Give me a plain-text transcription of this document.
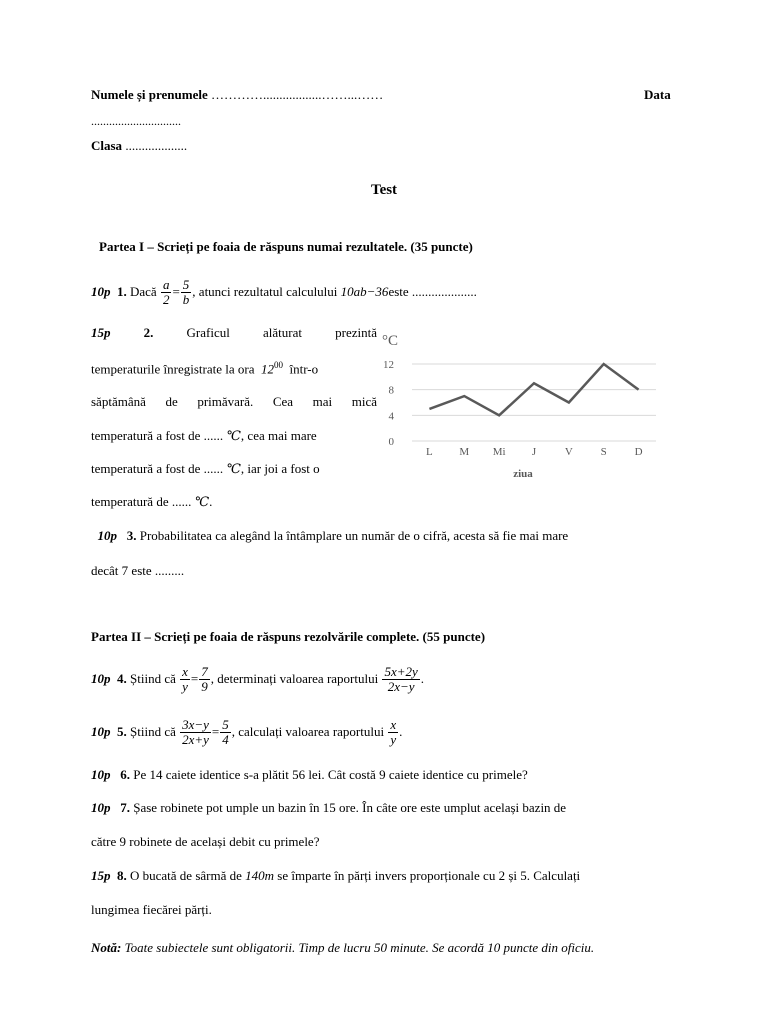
Numele și prenumele …………..................……...……	Data
..............................
Clasa ...................
Test
Partea I – Scrieți pe foaia de răspuns numai rezultatele. (35 puncte)
10p
1.
Dacă
$\frac{a}{2} = \frac{5}{b}$ , atunci rezultatul calculului
10ab−36 este
....................
15p	2.	Graficul	alăturat	prezintă
temperaturile înregistrate la ora $12^{00}$ într-o
săptămână de primăvară. Cea mai mică
temperatură a fost de ...... ℃, cea mai mare
temperatură a fost de ...... ℃, iar joi a fost o
temperatură de ...... ℃.
°C
0
4
8
12
L M Mi J	V	S	D
ziua
10p 3. Probabilitatea ca alegând la întâmplare un număr de o cifră, acesta să fie mai mare
decât 7 este .........
Partea II – Scrieți pe foaia de răspuns rezolvările complete. (55 puncte)
10p
4.
Știind că
$\frac{x}{y} = \frac{7}{9}$ , determinați valoarea raportului
$\frac{5x+2y}{2x-y}$ .
10p
5.
Știind că
$\frac{3x-y}{2x+y} = \frac{5}{4}$ , calculați valoarea raportului
$\frac{x}{y}$ .
10p 6. Pe 14 caiete identice s-a plătit 56 lei. Cât costă 9 caiete identice cu primele?
10p 7. Șase robinete pot umple un bazin în 15 ore. În câte ore este umplut același bazin de
către 9 robinete de același debit cu primele?
15p 8. O bucată de sârmă de 140m se împarte în părți invers proporționale cu 2 și 5. Calculați
lungimea fiecărei părți.
Notă: Toate subiectele sunt obligatorii. Timp de lucru 50 minute. Se acordă 10 puncte din oficiu.
